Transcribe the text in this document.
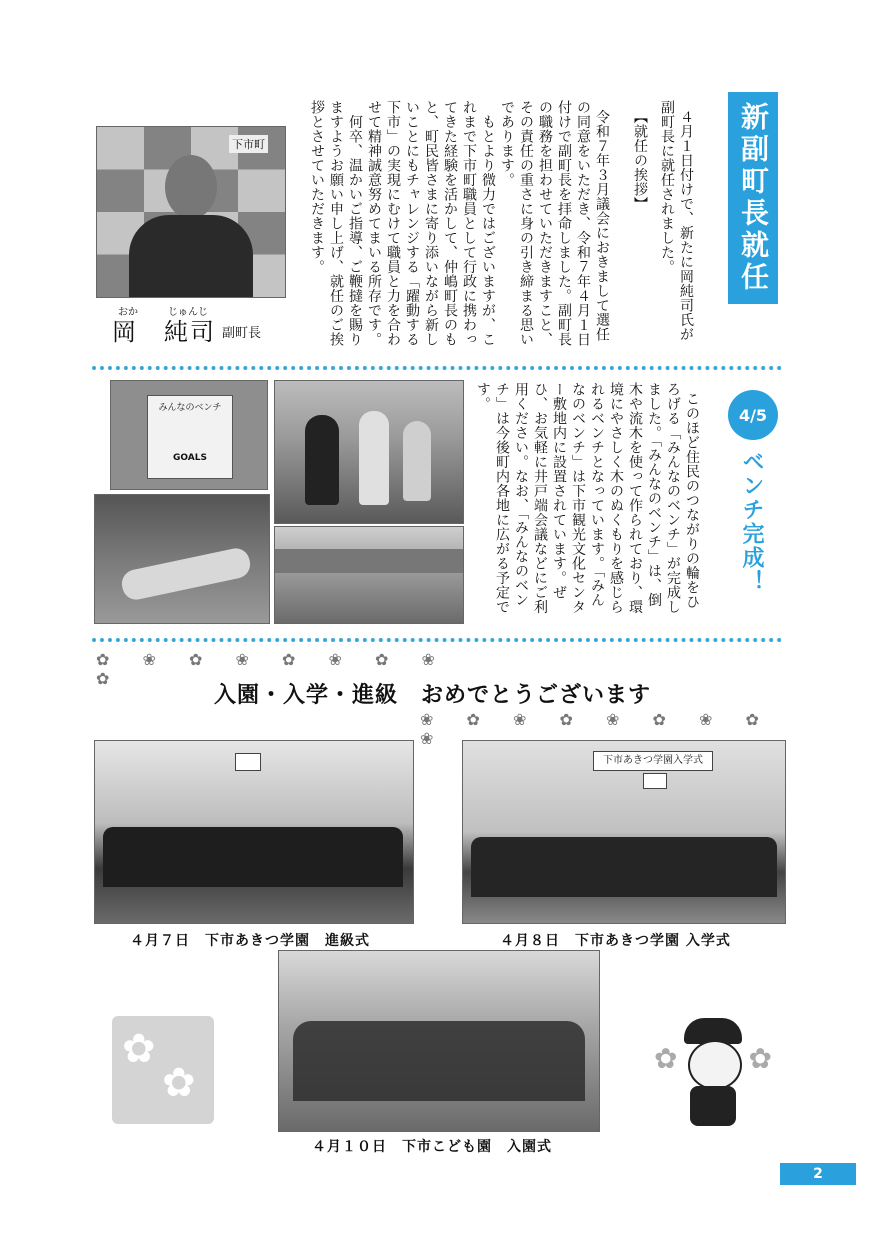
新副町長就任

４月１日付けで、新たに岡純司氏が副町長に就任されました。

【就任の挨拶】

令和７年３月議会におきまして選任の同意をいただき、令和７年４月１日付けで副町長を拝命しました。副町長の職務を担わせていただきますこと、その責任の重さに身の引き締まる思いであります。
　もとより微力ではございますが、これまで下市町職員として行政に携わってきた経験を活かして、仲嶋町長のもと、町民皆さまに寄り添いながら新しいことにもチャレンジする「躍動する下市」の実現にむけて職員と力を合わせて精神誠意努めてまいる所存です。
　何卒、温かいご指導、ご鞭撻を賜りますようお願い申し上げ、就任のご挨拶とさせていただきます。

下市町
おか	じゅんじ
岡　純司 副町長
4/5
ベンチ完成！

このほど住民のつながりの輪をひろげる「みんなのベンチ」が完成しました。「みんなのベンチ」は、倒木や流木を使って作られており、環境にやさしく木のぬくもりを感じられるベンチとなっています。「みんなのベンチ」は下市観光文化センター敷地内に設置されています。ぜひ、お気軽に井戸端会議などにご利用ください。なお、「みんなのベンチ」は今後町内各地に広がる予定です。

みんなのベンチ
GOALS
✿ ❀ ✿ ❀ ✿ ❀ ✿ ❀ ✿
入園・入学・進級　おめでとうございます
❀ ✿ ❀ ✿ ❀ ✿ ❀ ✿ ❀
下市あきつ学園入学式
４月７日　下市あきつ学園　進級式	４月８日　下市あきつ学園 入学式
４月１０日　下市こども園　入園式
✿
✿
✿	✿
2
